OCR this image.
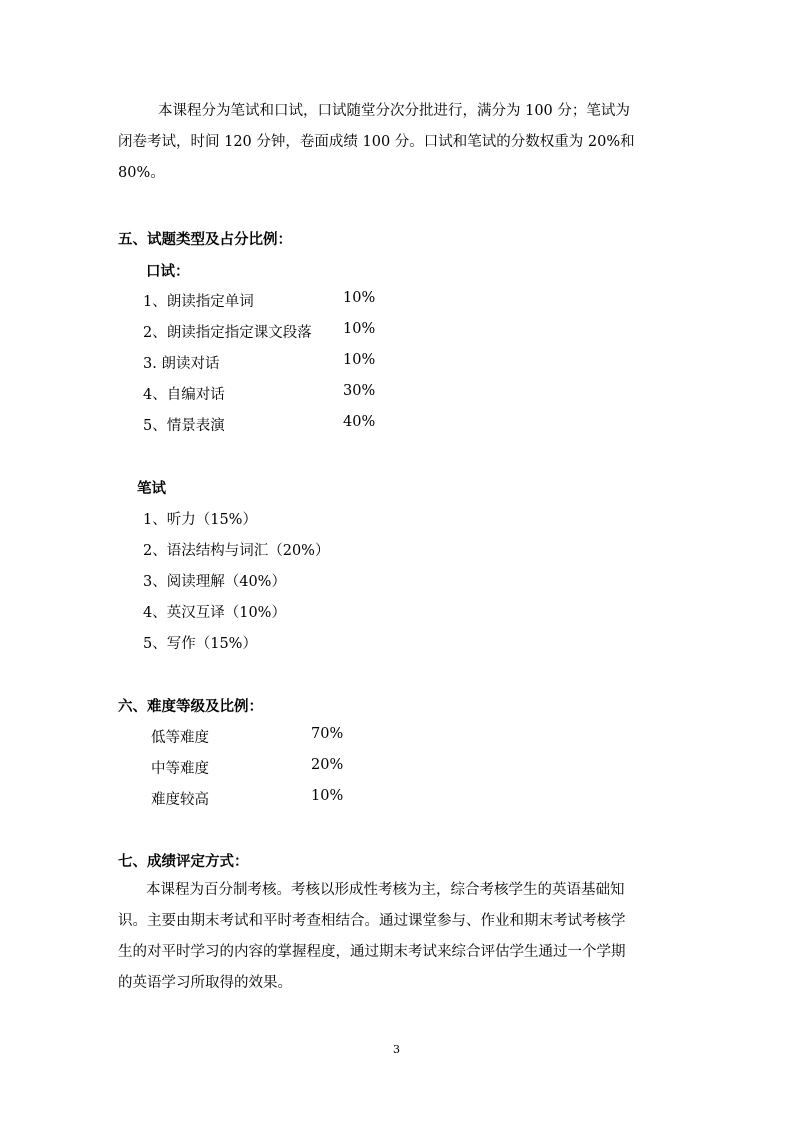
本课程分为笔试和口试，口试随堂分次分批进行，满分为 100 分；笔试为
闭卷考试，时间 120 分钟，卷面成绩 100 分。口试和笔试的分数权重为 20%和
80%。
五、试题类型及占分比例：
口试：
1、朗读指定单词	10%
2、朗读指定指定课文段落 10%
3. 朗读对话	10%
4、自编对话	30%
5、情景表演	40%
笔试
1、听力（15%）
2、语法结构与词汇（20%）
3、阅读理解（40%）
4、英汉互译（10%）
5、写作（15%）
六、难度等级及比例：
低等难度	70%
中等难度	20%
难度较高	10%
七、成绩评定方式：
本课程为百分制考核。考核以形成性考核为主，综合考核学生的英语基础知
识。主要由期末考试和平时考查相结合。通过课堂参与、作业和期末考试考核学
生的对平时学习的内容的掌握程度，通过期末考试来综合评估学生通过一个学期
的英语学习所取得的效果。
3
